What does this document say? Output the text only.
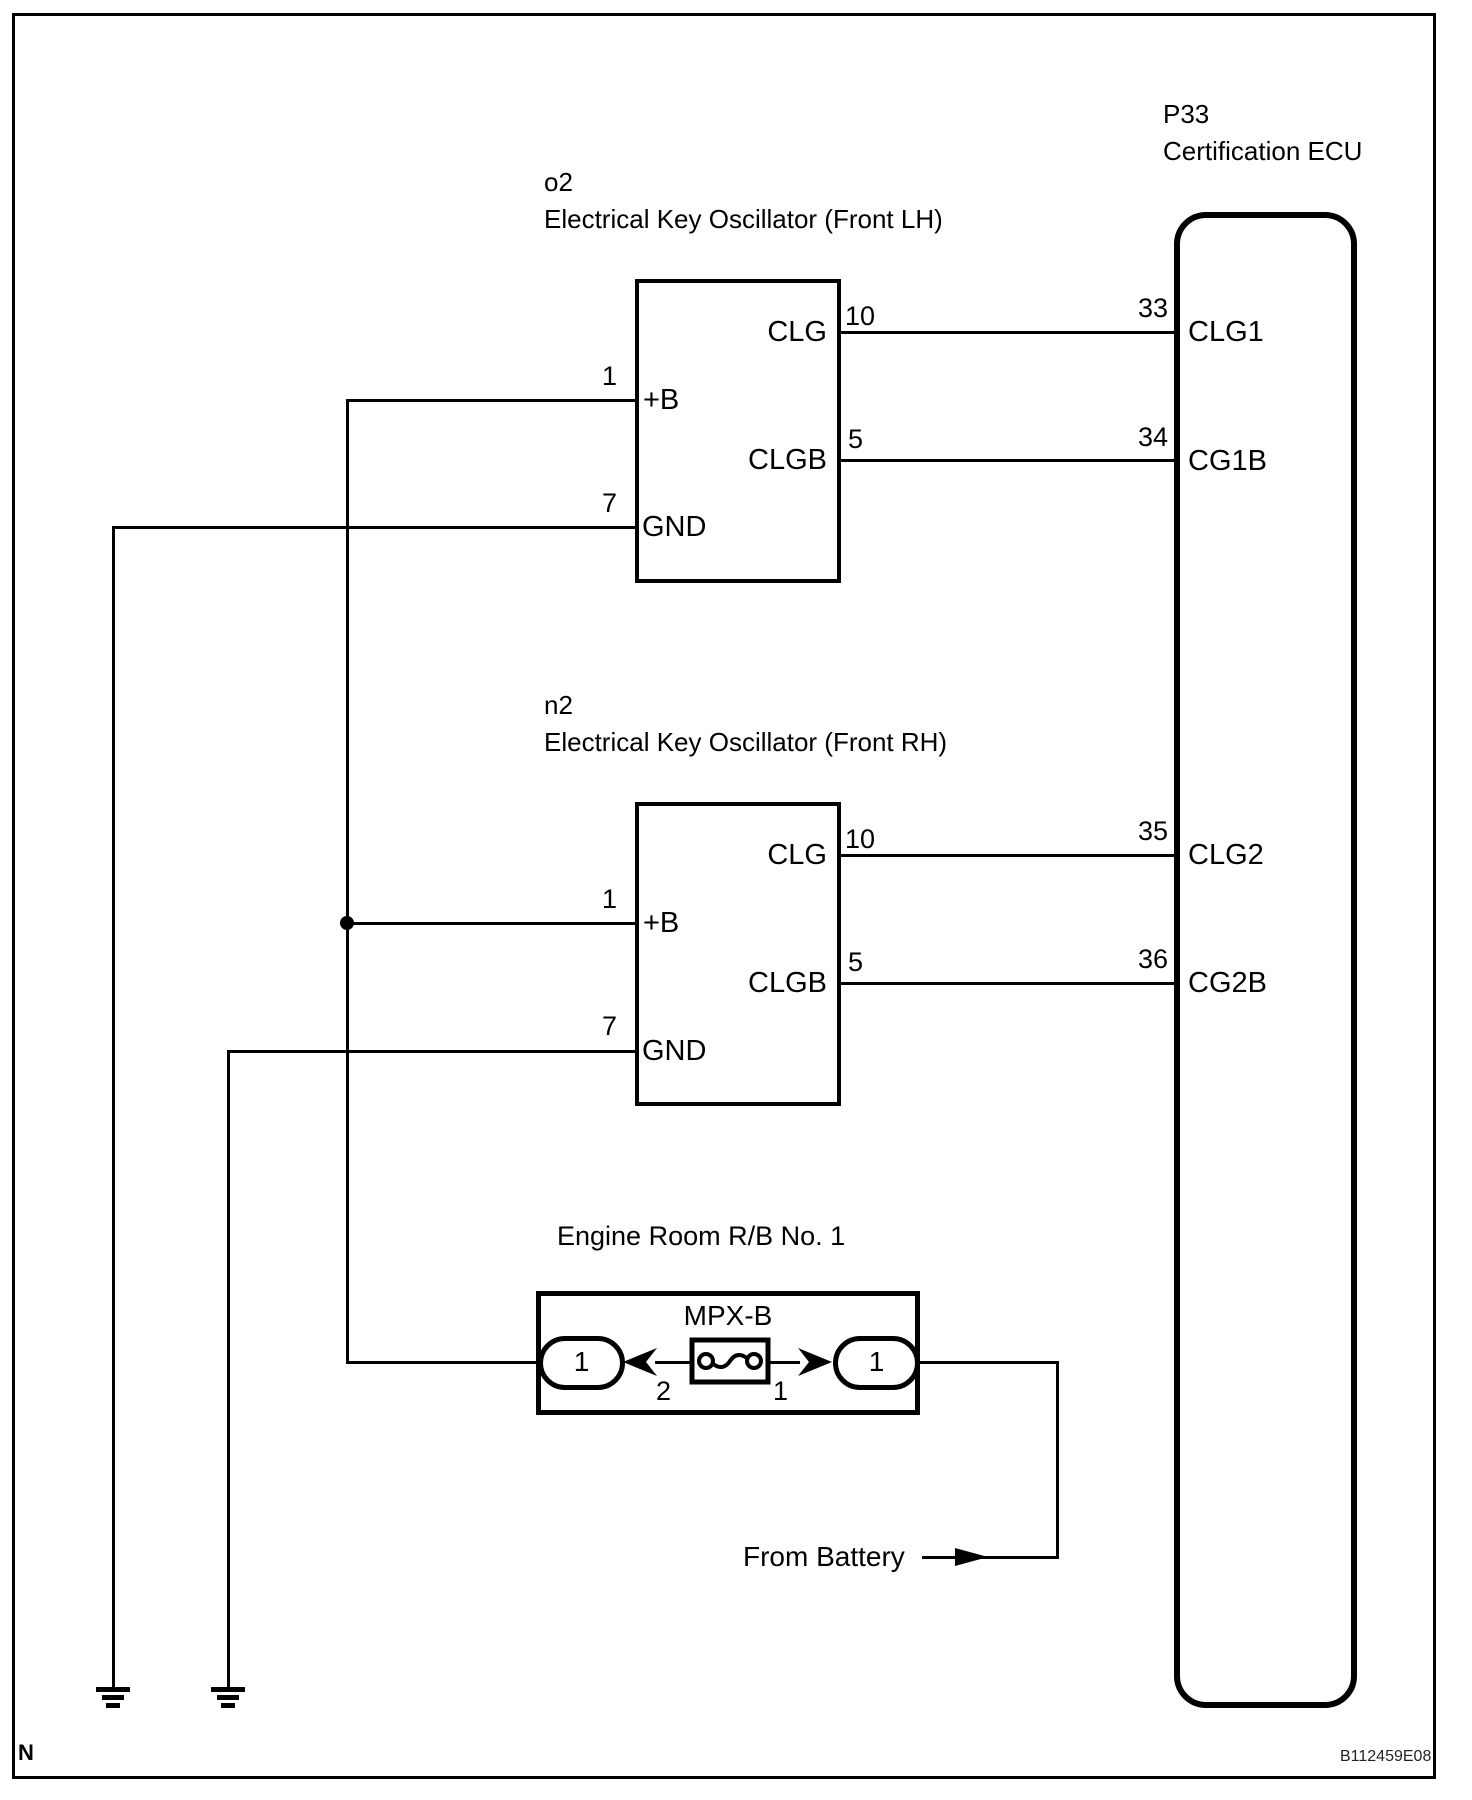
P33
Certification ECU
33
CLG1
34
CG1B
35
CLG2
36
CG2B
o2
Electrical Key Oscillator (Front LH)
CLG
+B
CLGB
GND
10
1
5
7
n2
Electrical Key Oscillator (Front RH)
CLG
+B
CLGB
GND
10
1
5
7
Engine Room R/B No. 1
MPX-B
1	1
2	1
From Battery
N	B112459E08
